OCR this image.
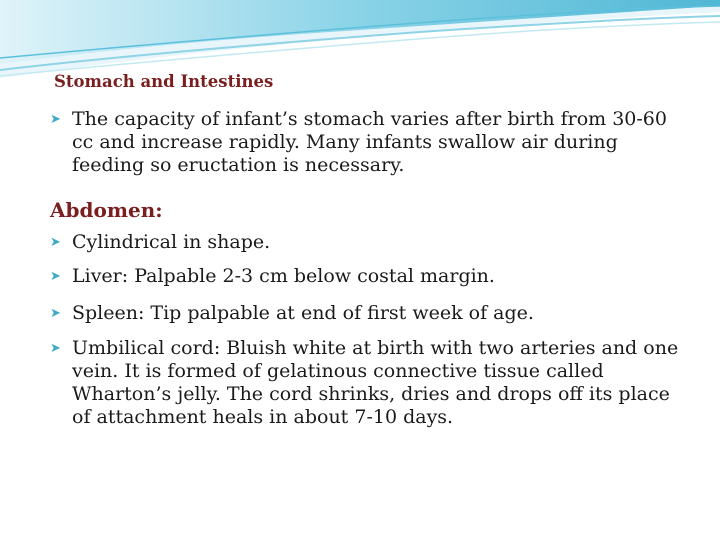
Stomach and Intestines
➤ The capacity of infant’s stomach varies after birth from 30-60 cc and increase rapidly. Many infants swallow air during feeding so eructation is necessary.
Abdomen:
➤ Cylindrical in shape.
➤ Liver: Palpable 2-3 cm below costal margin.
➤ Spleen: Tip palpable at end of first week of age.
➤ Umbilical cord: Bluish white at birth with two arteries and one vein. It is formed of gelatinous connective tissue called Wharton’s jelly. The cord shrinks, dries and drops off its place of attachment heals in about 7-10 days.
